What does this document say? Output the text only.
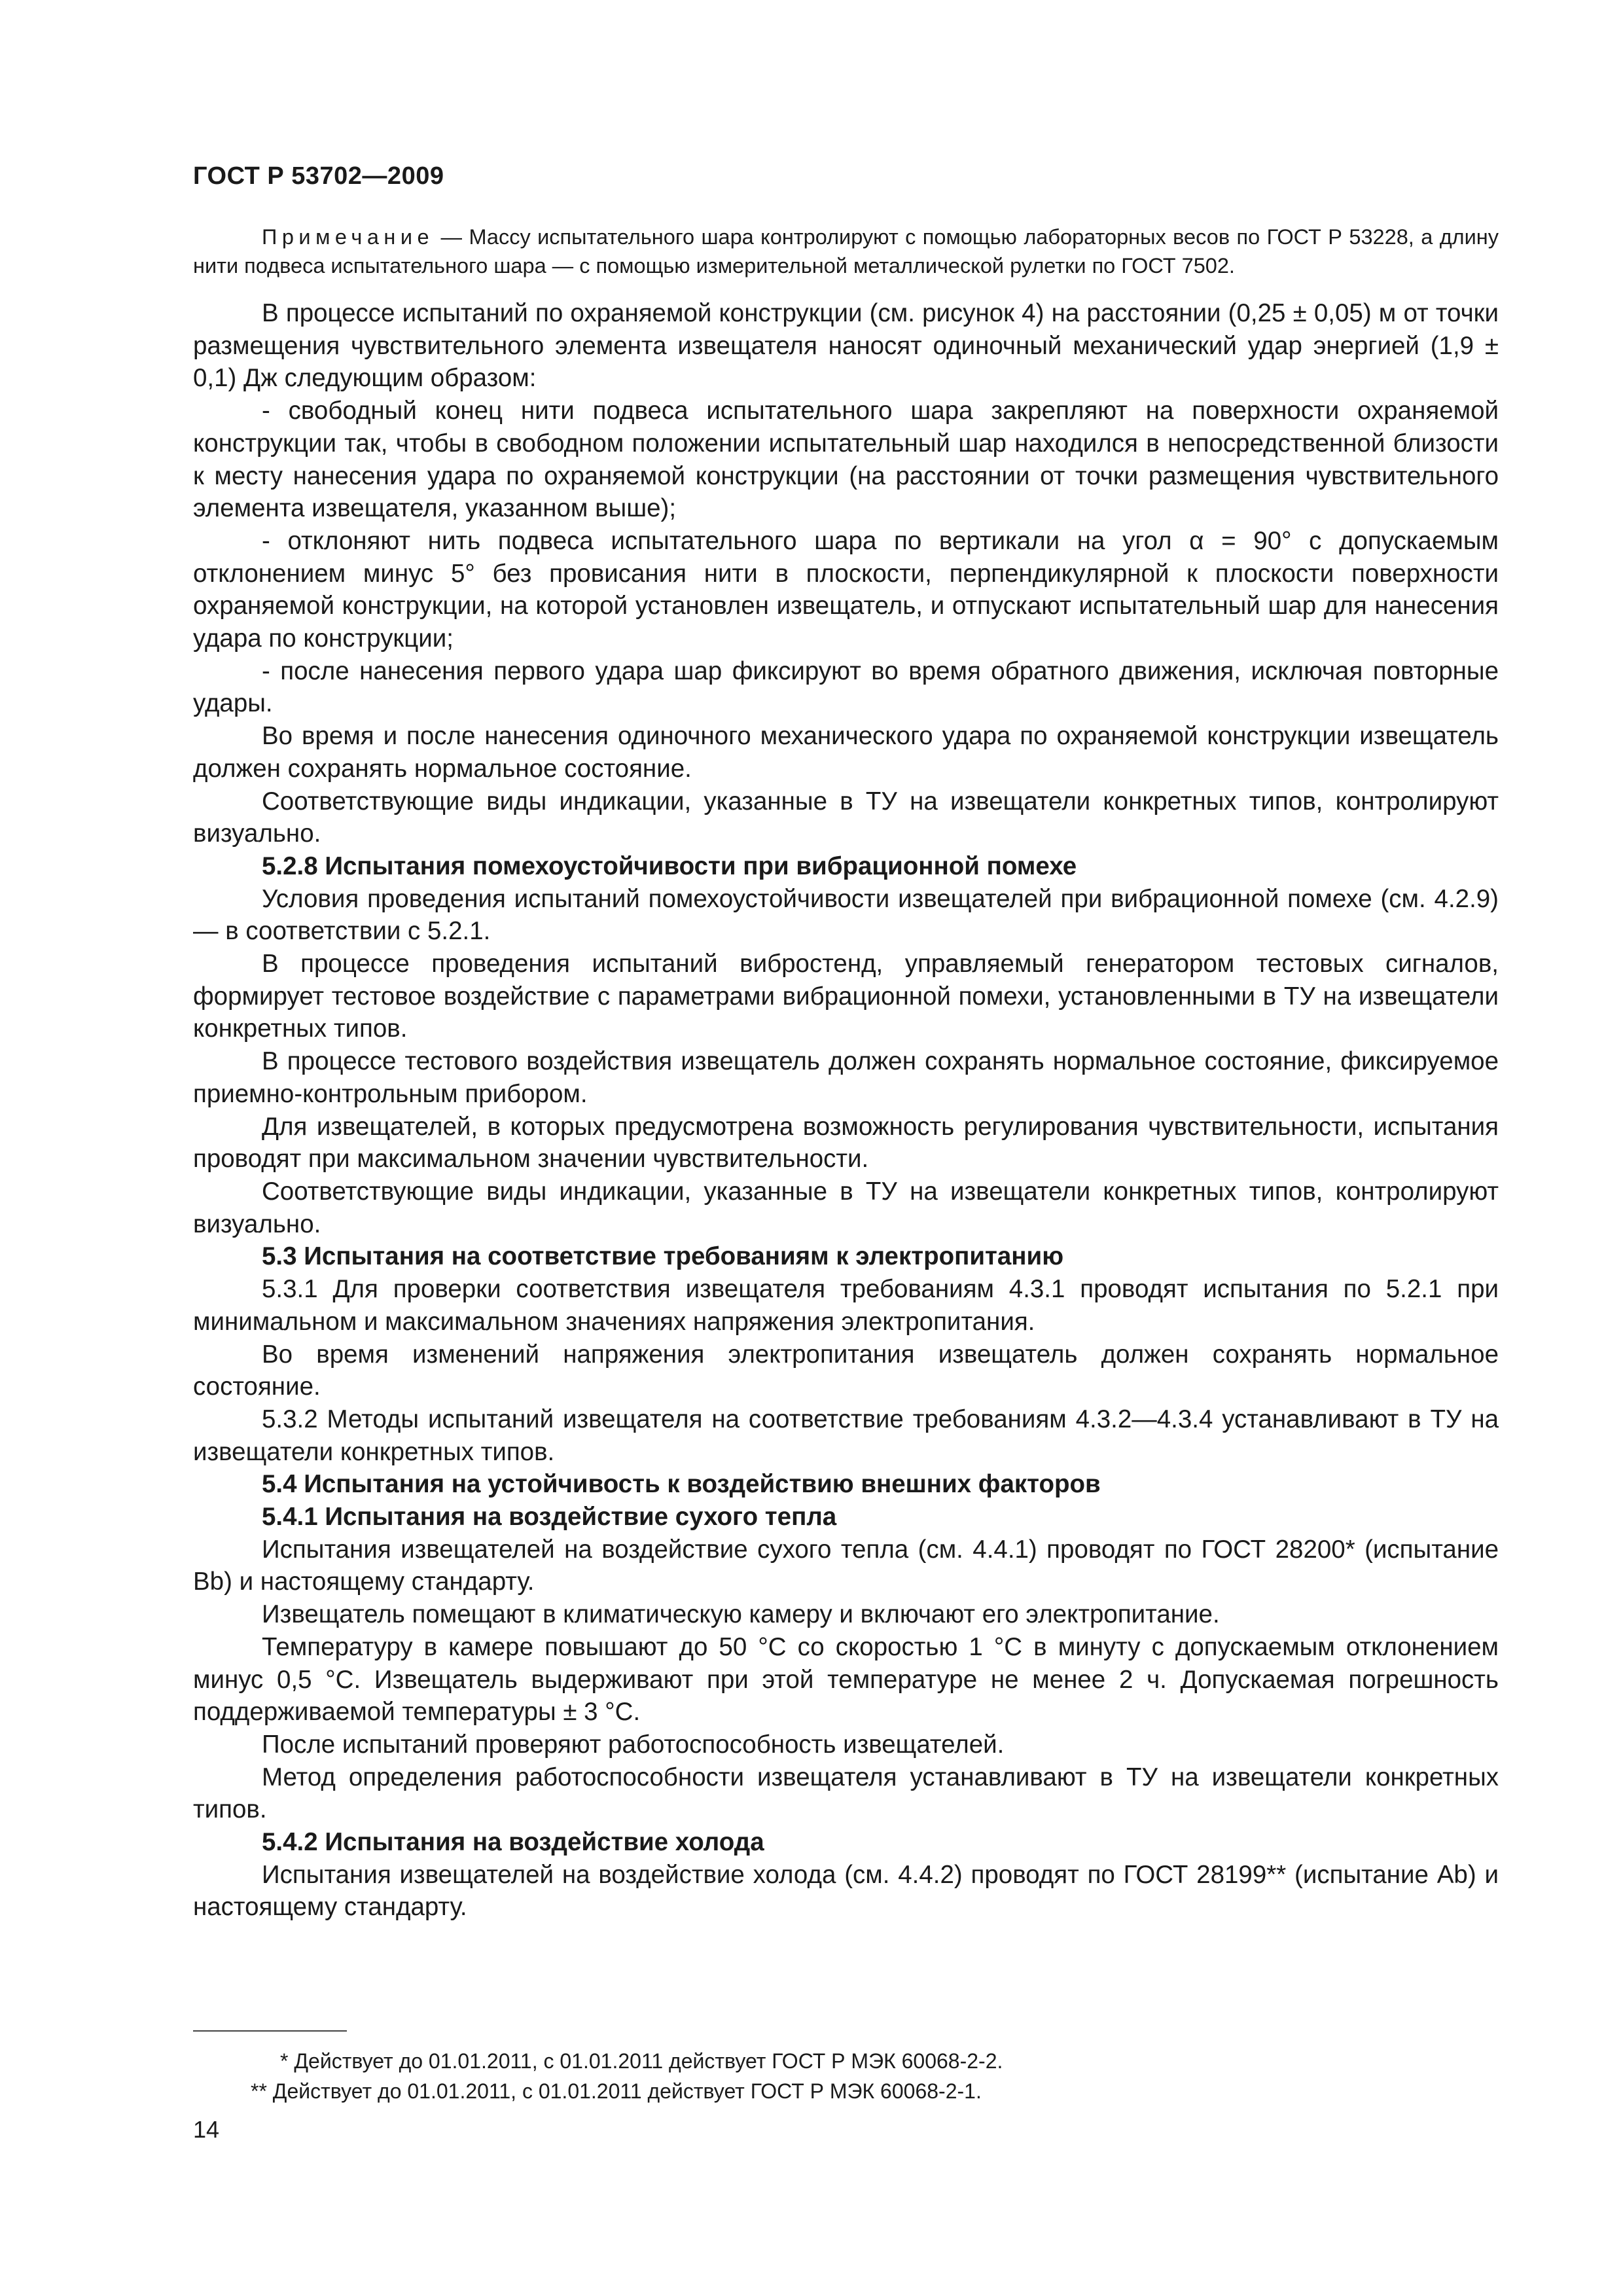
ГОСТ Р 53702—2009

Примечание — Массу испытательного шара контролируют с помощью лабораторных весов по ГОСТ Р 53228, а длину нити подвеса испытательного шара — с помощью измерительной металлической рулетки по ГОСТ 7502.

В процессе испытаний по охраняемой конструкции (см. рисунок 4) на расстоянии (0,25 ± 0,05) м от точки размещения чувствительного элемента извещателя наносят одиночный механический удар энергией (1,9 ± 0,1) Дж следующим образом:

- свободный конец нити подвеса испытательного шара закрепляют на поверхности охраняемой конструкции так, чтобы в свободном положении испытательный шар находился в непосредственной близости к месту нанесения удара по охраняемой конструкции (на расстоянии от точки размещения чувствительного элемента извещателя, указанном выше);

- отклоняют нить подвеса испытательного шара по вертикали на угол α = 90° с допускаемым отклонением минус 5° без провисания нити в плоскости, перпендикулярной к плоскости поверхности охраняемой конструкции, на которой установлен извещатель, и отпускают испытательный шар для нанесения удара по конструкции;

- после нанесения первого удара шар фиксируют во время обратного движения, исключая повторные удары.

Во время и после нанесения одиночного механического удара по охраняемой конструкции извещатель должен сохранять нормальное состояние.

Соответствующие виды индикации, указанные в ТУ на извещатели конкретных типов, контролируют визуально.

5.2.8 Испытания помехоустойчивости при вибрационной помехе

Условия проведения испытаний помехоустойчивости извещателей при вибрационной помехе (см. 4.2.9) — в соответствии с 5.2.1.

В процессе проведения испытаний вибростенд, управляемый генератором тестовых сигналов, формирует тестовое воздействие с параметрами вибрационной помехи, установленными в ТУ на извещатели конкретных типов.

В процессе тестового воздействия извещатель должен сохранять нормальное состояние, фиксируемое приемно-контрольным прибором.

Для извещателей, в которых предусмотрена возможность регулирования чувствительности, испытания проводят при максимальном значении чувствительности.

Соответствующие виды индикации, указанные в ТУ на извещатели конкретных типов, контролируют визуально.

5.3 Испытания на соответствие требованиям к электропитанию

5.3.1 Для проверки соответствия извещателя требованиям 4.3.1 проводят испытания по 5.2.1 при минимальном и максимальном значениях напряжения электропитания.

Во время изменений напряжения электропитания извещатель должен сохранять нормальное состояние.

5.3.2 Методы испытаний извещателя на соответствие требованиям 4.3.2—4.3.4 устанавливают в ТУ на извещатели конкретных типов.

5.4 Испытания на устойчивость к воздействию внешних факторов

5.4.1 Испытания на воздействие сухого тепла

Испытания извещателей на воздействие сухого тепла (см. 4.4.1) проводят по ГОСТ 28200* (испытание Bb) и настоящему стандарту.

Извещатель помещают в климатическую камеру и включают его электропитание.

Температуру в камере повышают до 50 °С со скоростью 1 °С в минуту с допускаемым отклонением минус 0,5 °С. Извещатель выдерживают при этой температуре не менее 2 ч. Допускаемая погрешность поддерживаемой температуры ± 3 °С.

После испытаний проверяют работоспособность извещателей.

Метод определения работоспособности извещателя устанавливают в ТУ на извещатели конкретных типов.

5.4.2 Испытания на воздействие холода

Испытания извещателей на воздействие холода (см. 4.4.2) проводят по ГОСТ 28199** (испытание Ab) и настоящему стандарту.

* Действует до 01.01.2011, с 01.01.2011 действует ГОСТ Р МЭК 60068-2-2.

** Действует до 01.01.2011, с 01.01.2011 действует ГОСТ Р МЭК 60068-2-1.

14
